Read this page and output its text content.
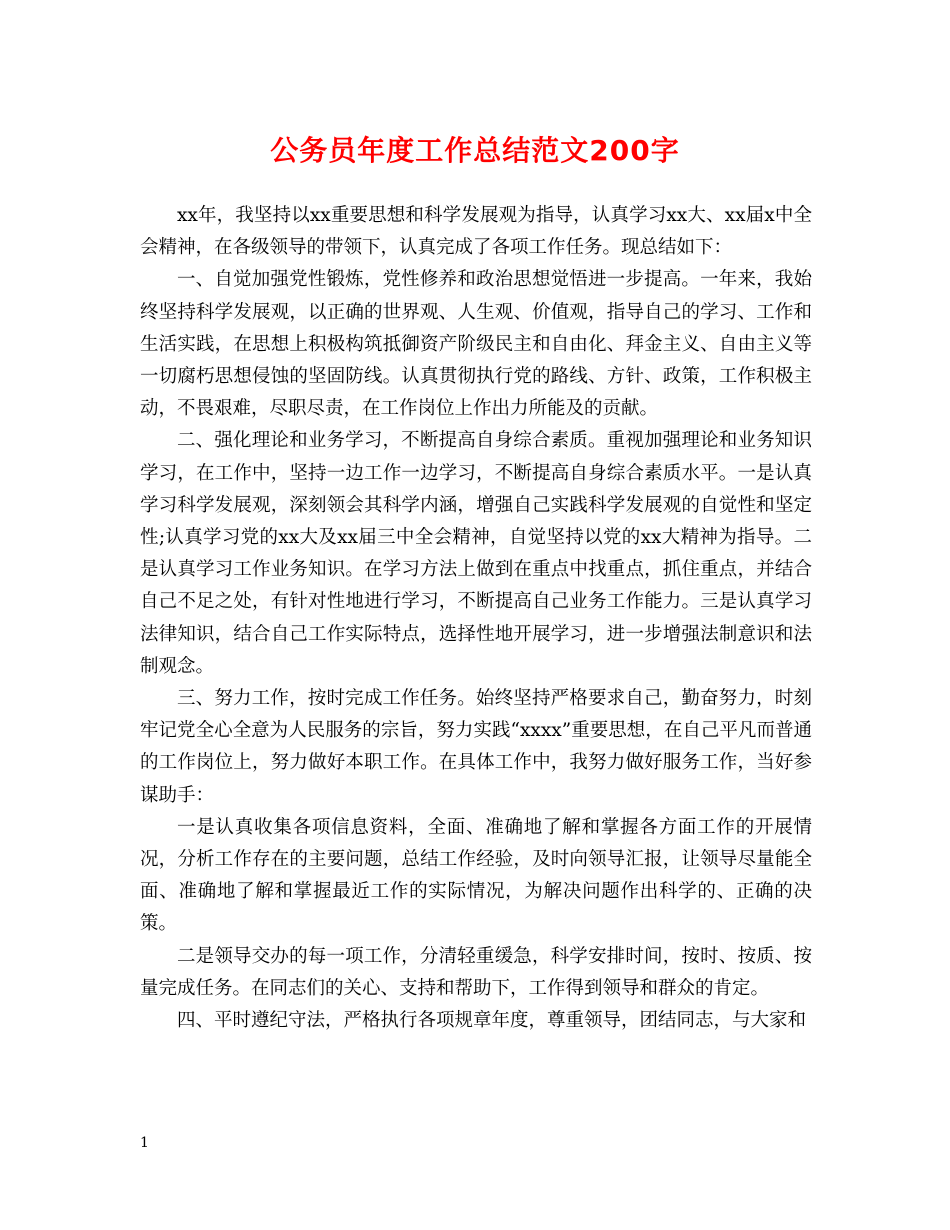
公务员年度工作总结范文200字

xx年，我坚持以xx重要思想和科学发展观为指导，认真学习xx大、xx届x中全会精神，在各级领导的带领下，认真完成了各项工作任务。现总结如下：

一、自觉加强党性锻炼，党性修养和政治思想觉悟进一步提高。一年来，我始终坚持科学发展观，以正确的世界观、人生观、价值观，指导自己的学习、工作和生活实践，在思想上积极构筑抵御资产阶级民主和自由化、拜金主义、自由主义等一切腐朽思想侵蚀的坚固防线。认真贯彻执行党的路线、方针、政策，工作积极主动，不畏艰难，尽职尽责，在工作岗位上作出力所能及的贡献。

二、强化理论和业务学习，不断提高自身综合素质。重视加强理论和业务知识学习，在工作中，坚持一边工作一边学习，不断提高自身综合素质水平。一是认真学习科学发展观，深刻领会其科学内涵，增强自己实践科学发展观的自觉性和坚定性;认真学习党的xx大及xx届三中全会精神，自觉坚持以党的xx大精神为指导。二是认真学习工作业务知识。在学习方法上做到在重点中找重点，抓住重点，并结合自己不足之处，有针对性地进行学习，不断提高自己业务工作能力。三是认真学习法律知识，结合自己工作实际特点，选择性地开展学习，进一步增强法制意识和法制观念。

三、努力工作，按时完成工作任务。始终坚持严格要求自己，勤奋努力，时刻牢记党全心全意为人民服务的宗旨，努力实践“xxxx”重要思想，在自己平凡而普通的工作岗位上，努力做好本职工作。在具体工作中，我努力做好服务工作，当好参谋助手：

一是认真收集各项信息资料，全面、准确地了解和掌握各方面工作的开展情况，分析工作存在的主要问题，总结工作经验，及时向领导汇报，让领导尽量能全面、准确地了解和掌握最近工作的实际情况，为解决问题作出科学的、正确的决策。

二是领导交办的每一项工作，分清轻重缓急，科学安排时间，按时、按质、按量完成任务。在同志们的关心、支持和帮助下，工作得到领导和群众的肯定。

四、平时遵纪守法，严格执行各项规章年度，尊重领导，团结同志，与大家和

1
